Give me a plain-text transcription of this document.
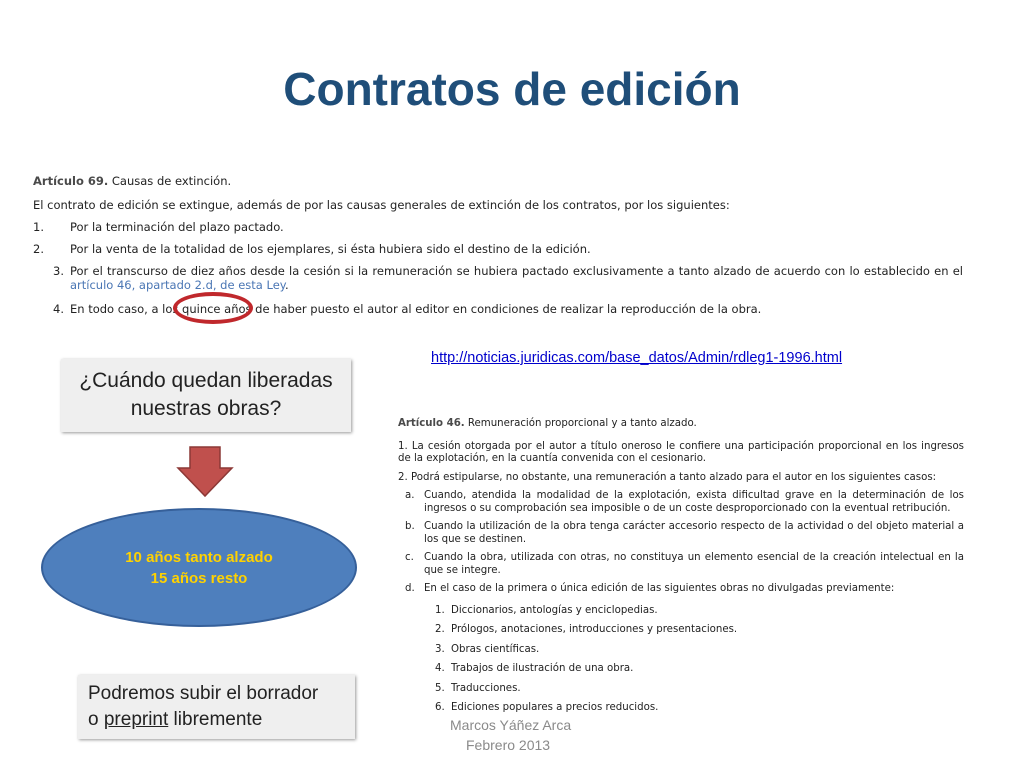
Contratos de edición

Artículo 69. Causas de extinción.

El contrato de edición se extingue, además de por las causas generales de extinción de los contratos, por los siguientes:

1. Por la terminación del plazo pactado.
2. Por la venta de la totalidad de los ejemplares, si ésta hubiera sido el destino de la edición.
3. Por el transcurso de diez años desde la cesión si la remuneración se hubiera pactado exclusivamente a tanto alzado de acuerdo con lo establecido en el artículo 46, apartado 2.d, de esta Ley.
4. En todo caso, a los quince años de haber puesto el autor al editor en condiciones de realizar la reproducción de la obra.
http://noticias.juridicas.com/base_datos/Admin/rdleg1-1996.html
¿Cuándo quedan liberadas nuestras obras?
10 años tanto alzado
15 años resto
Podremos subir el borrador
o preprint libremente

Artículo 46. Remuneración proporcional y a tanto alzado.

1. La cesión otorgada por el autor a título oneroso le confiere una participación proporcional en los ingresos de la explotación, en la cuantía convenida con el cesionario.

2. Podrá estipularse, no obstante, una remuneración a tanto alzado para el autor en los siguientes casos:

a. Cuando, atendida la modalidad de la explotación, exista dificultad grave en la determinación de los ingresos o su comprobación sea imposible o de un coste desproporcionado con la eventual retribución.
b. Cuando la utilización de la obra tenga carácter accesorio respecto de la actividad o del objeto material a los que se destinen.
c. Cuando la obra, utilizada con otras, no constituya un elemento esencial de la creación intelectual en la que se integre.
d. En el caso de la primera o única edición de las siguientes obras no divulgadas previamente:
1. Diccionarios, antologías y enciclopedias.
2. Prólogos, anotaciones, introducciones y presentaciones.
3. Obras científicas.
4. Trabajos de ilustración de una obra.
5. Traducciones.
6. Ediciones populares a precios reducidos.
Marcos Yáñez Arca
Febrero 2013
